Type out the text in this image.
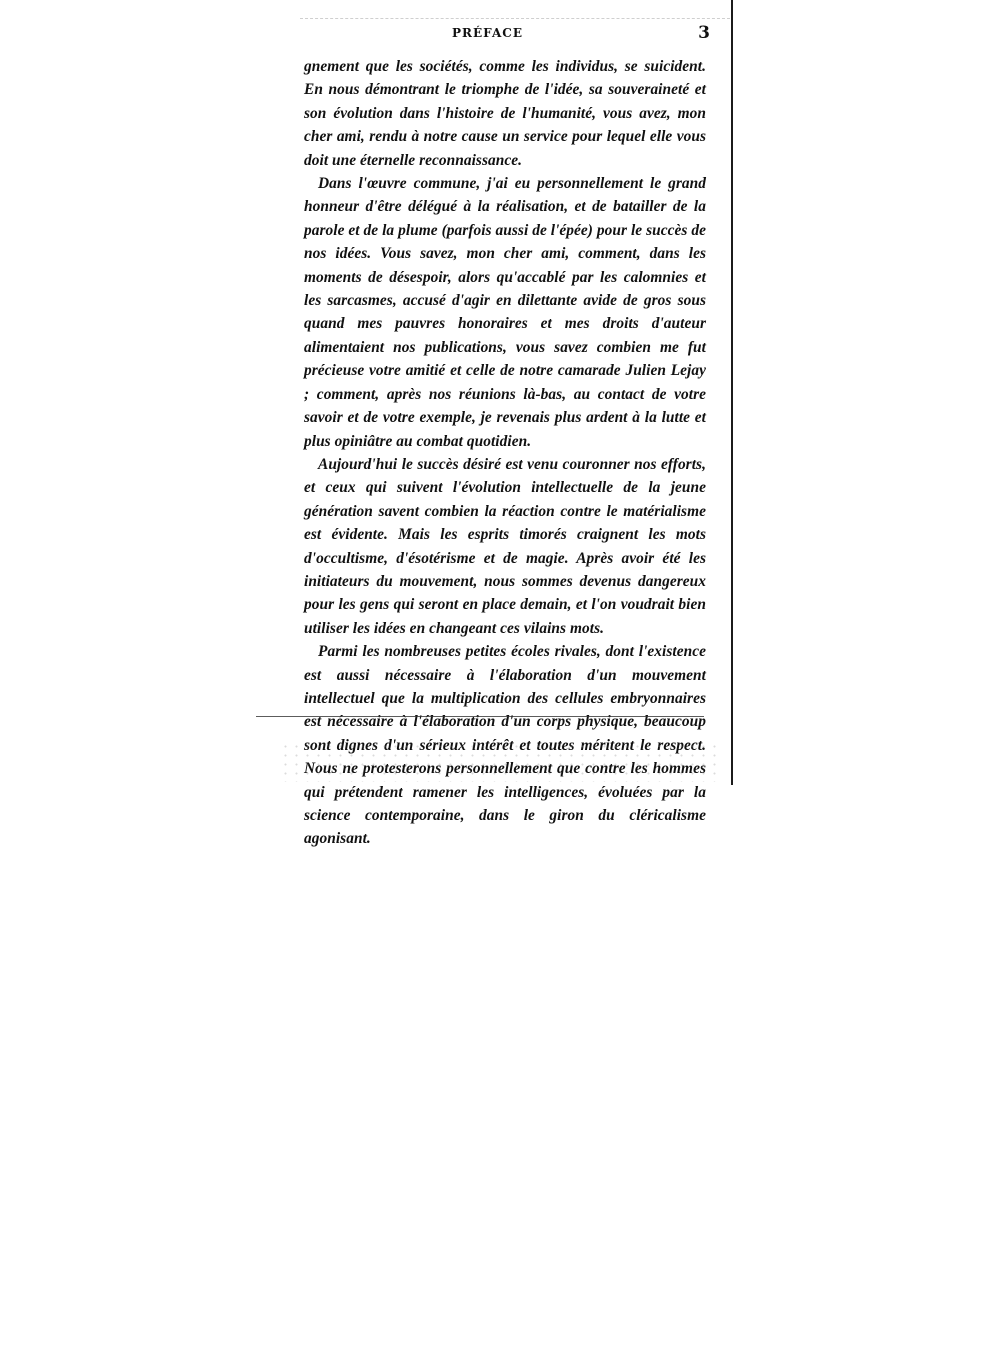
PRÉFACE	3

gnement que les sociétés, comme les individus, se suicident. En nous démontrant le triomphe de l'idée, sa souveraineté et son évolution dans l'histoire de l'humanité, vous avez, mon cher ami, rendu à notre cause un service pour lequel elle vous doit une éternelle reconnaissance.

Dans l'œuvre commune, j'ai eu personnellement le grand honneur d'être délégué à la réalisation, et de batailler de la parole et de la plume (parfois aussi de l'épée) pour le succès de nos idées. Vous savez, mon cher ami, comment, dans les moments de désespoir, alors qu'accablé par les calomnies et les sarcasmes, accusé d'agir en dilettante avide de gros sous quand mes pauvres honoraires et mes droits d'auteur alimentaient nos publications, vous savez combien me fut précieuse votre amitié et celle de notre camarade Julien Lejay ; comment, après nos réunions là-bas, au contact de votre savoir et de votre exemple, je revenais plus ardent à la lutte et plus opiniâtre au combat quotidien.

Aujourd'hui le succès désiré est venu couronner nos efforts, et ceux qui suivent l'évolution intellectuelle de la jeune génération savent combien la réaction contre le matérialisme est évidente. Mais les esprits timorés craignent les mots d'occultisme, d'ésotérisme et de magie. Après avoir été les initiateurs du mouvement, nous sommes devenus dangereux pour les gens qui seront en place demain, et l'on voudrait bien utiliser les idées en changeant ces vilains mots.

Parmi les nombreuses petites écoles rivales, dont l'existence est aussi nécessaire à l'élaboration d'un mouvement intellectuel que la multiplication des cellules embryonnaires est nécessaire à l'élaboration d'un corps physique, beaucoup sont dignes d'un sérieux intérêt et toutes méritent le respect. Nous ne protesterons personnellement que contre les hommes qui prétendent ramener les intelligences, évoluées par la science contemporaine, dans le giron du cléricalisme agonisant.
